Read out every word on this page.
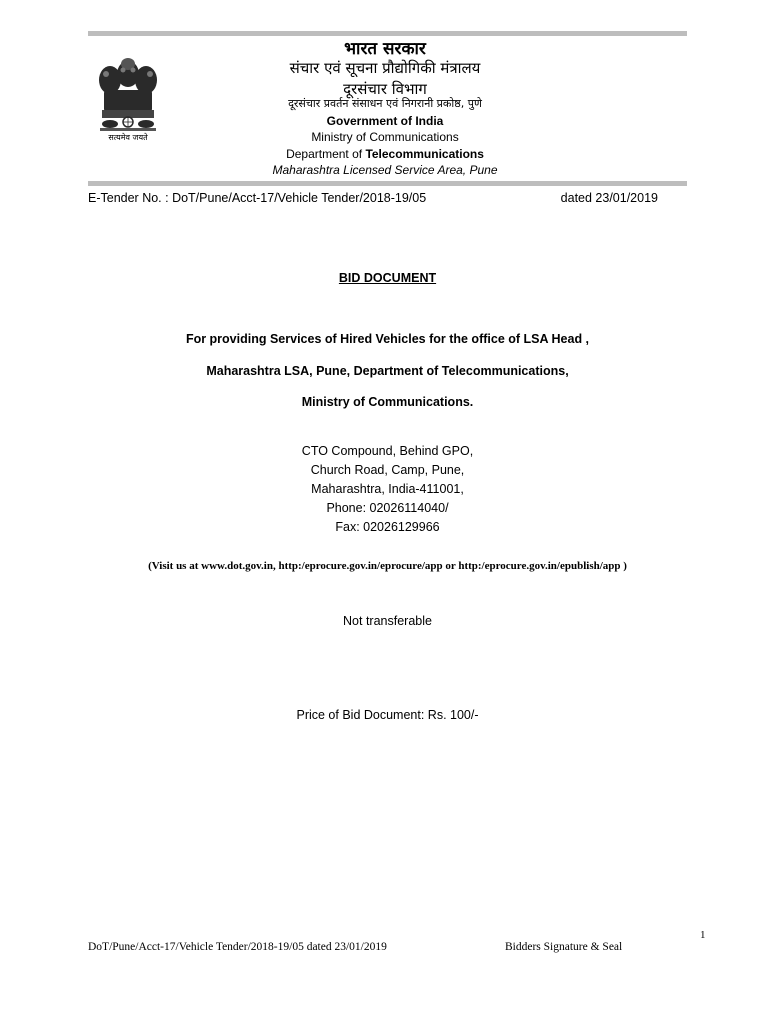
सत्यमेव जयते
भारत सरकार
संचार एवं सूचना प्रौद्योगिकी मंत्रालय
दूरसंचार विभाग
दूरसंचार प्रवर्तन संसाधन एवं निगरानी प्रकोष्ठ, पुणे
Government of India
Ministry of Communications
Department of Telecommunications
Maharashtra Licensed Service Area, Pune
E-Tender No. : DoT/Pune/Acct-17/Vehicle Tender/2018-19/05	dated 23/01/2019
BID DOCUMENT
For providing Services of Hired Vehicles for the office of LSA Head ,
Maharashtra LSA, Pune, Department of Telecommunications,
Ministry of Communications.
CTO Compound, Behind GPO,
Church Road, Camp, Pune,
Maharashtra, India-411001,
Phone: 02026114040/
Fax: 02026129966
(Visit us at www.dot.gov.in, http:/eprocure.gov.in/eprocure/app or http:/eprocure.gov.in/epublish/app )
Not transferable
Price of Bid Document: Rs. 100/-
1
DoT/Pune/Acct-17/Vehicle Tender/2018-19/05 dated 23/01/2019	Bidders Signature & Seal
